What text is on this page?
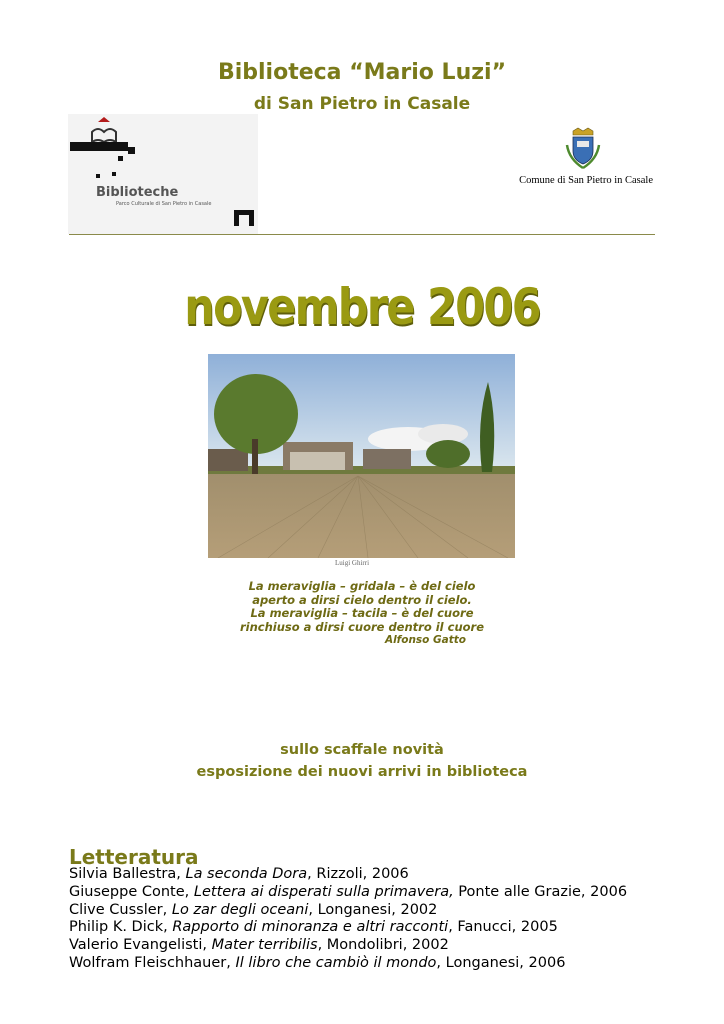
Biblioteca “Mario Luzi”
di San Pietro in Casale
Biblioteche
Parco Culturale di San Pietro in Casale
Comune di San Pietro in Casale
novembre 2006
Luigi Ghirri
La meraviglia – gridala – è del cielo
aperto a dirsi cielo dentro il cielo.
La meraviglia – tacila – è del cuore
rinchiuso a dirsi cuore dentro il cuore
Alfonso Gatto
sullo scaffale novità
esposizione dei nuovi arrivi in biblioteca
Letteratura
Silvia Ballestra, La seconda Dora, Rizzoli, 2006
Giuseppe Conte, Lettera ai disperati sulla primavera, Ponte alle Grazie, 2006
Clive Cussler, Lo zar degli oceani, Longanesi, 2002
Philip K. Dick, Rapporto di minoranza e altri racconti, Fanucci, 2005
Valerio Evangelisti, Mater terribilis, Mondolibri, 2002
Wolfram Fleischhauer, Il libro che cambiò il mondo, Longanesi, 2006
